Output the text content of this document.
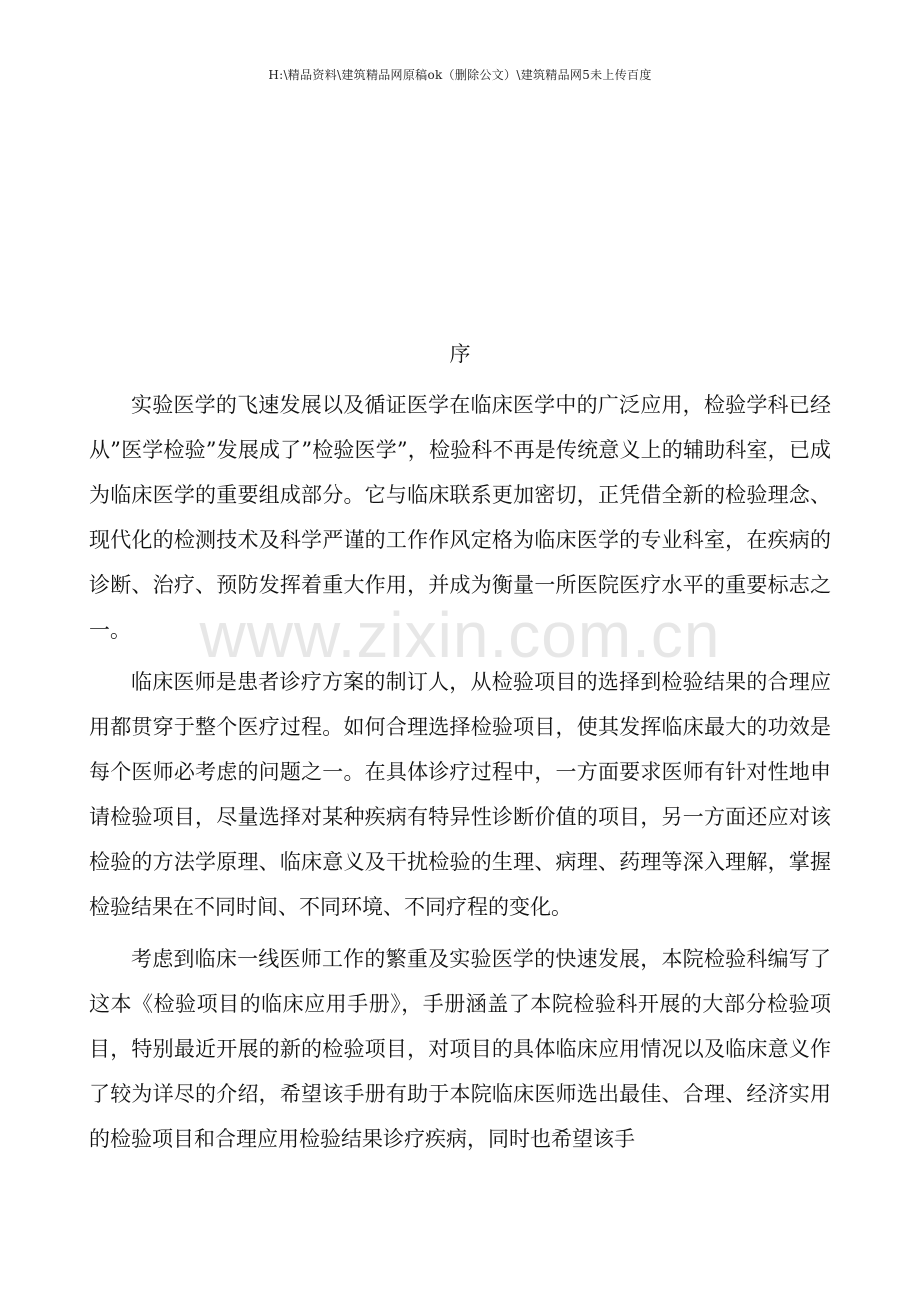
H:\精品资料\建筑精品网原稿ok（删除公文）\建筑精品网5未上传百度
序

实验医学的飞速发展以及循证医学在临床医学中的广泛应用，检验学科已经从”医学检验”发展成了”检验医学”，检验科不再是传统意义上的辅助科室，已成为临床医学的重要组成部分。它与临床联系更加密切，正凭借全新的检验理念、现代化的检测技术及科学严谨的工作作风定格为临床医学的专业科室，在疾病的诊断、治疗、预防发挥着重大作用，并成为衡量一所医院医疗水平的重要标志之一。

临床医师是患者诊疗方案的制订人，从检验项目的选择到检验结果的合理应用都贯穿于整个医疗过程。如何合理选择检验项目，使其发挥临床最大的功效是每个医师必考虑的问题之一。在具体诊疗过程中，一方面要求医师有针对性地申请检验项目，尽量选择对某种疾病有特异性诊断价值的项目，另一方面还应对该检验的方法学原理、临床意义及干扰检验的生理、病理、药理等深入理解，掌握检验结果在不同时间、不同环境、不同疗程的变化。

考虑到临床一线医师工作的繁重及实验医学的快速发展，本院检验科编写了这本《检验项目的临床应用手册》，手册涵盖了本院检验科开展的大部分检验项目，特别最近开展的新的检验项目，对项目的具体临床应用情况以及临床意义作了较为详尽的介绍，希望该手册有助于本院临床医师选出最佳、合理、经济实用的检验项目和合理应用检验结果诊疗疾病，同时也希望该手

www.zixin.com.cn
